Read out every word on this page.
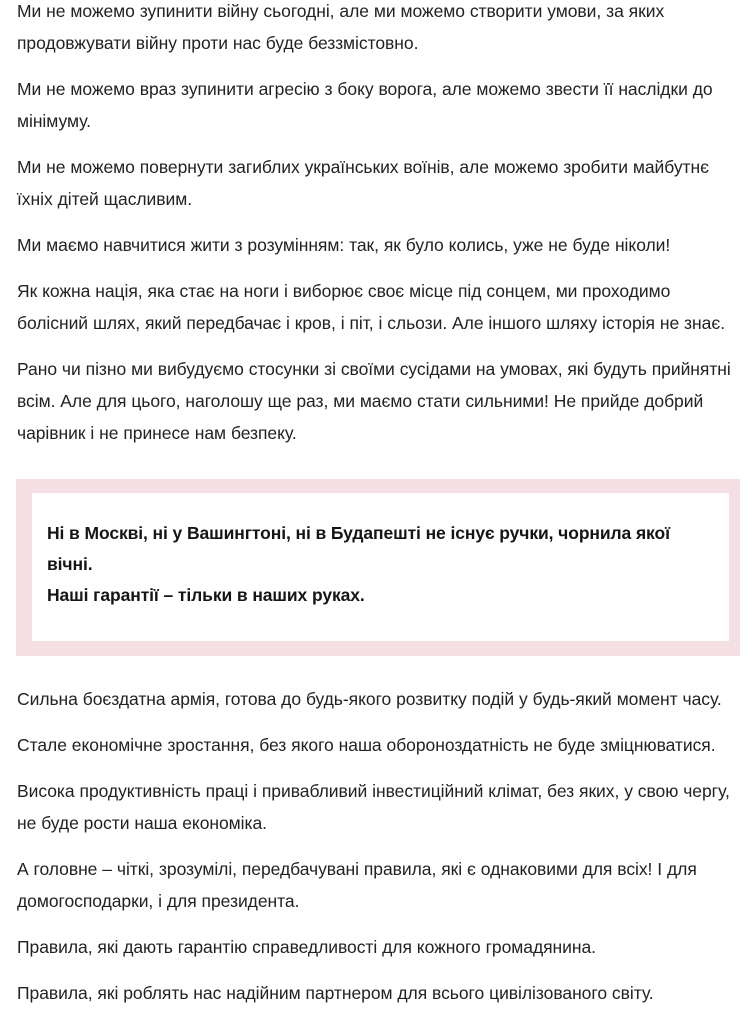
Ми не можемо зупинити війну сьогодні, але ми можемо створити умови, за яких продовжувати війну проти нас буде беззмістовно.

Ми не можемо враз зупинити агресію з боку ворога, але можемо звести її наслідки до мінімуму.

Ми не можемо повернути загиблих українських воїнів, але можемо зробити майбутнє їхніх дітей щасливим.

Ми маємо навчитися жити з розумінням: так, як було колись, уже не буде ніколи!

Як кожна нація, яка стає на ноги і виборює своє місце під сонцем, ми проходимо болісний шлях, який передбачає і кров, і піт, і сльози. Але іншого шляху історія не знає.

Рано чи пізно ми вибудуємо стосунки зі своїми сусідами на умовах, які будуть прийнятні всім. Але для цього, наголошу ще раз, ми маємо стати сильними! Не прийде добрий чарівник і не принесе нам безпеку.

Ні в Москві, ні у Вашингтоні, ні в Будапешті не існує ручки, чорнила якої вічні.
Наші гарантії – тільки в наших руках.

Сильна боєздатна армія, готова до будь-якого розвитку подій у будь-який момент часу.

Стале економічне зростання, без якого наша обороноздатність не буде зміцнюватися.

Висока продуктивність праці і привабливий інвестиційний клімат, без яких, у свою чергу, не буде рости наша економіка.

А головне – чіткі, зрозумілі, передбачувані правила, які є однаковими для всіх! І для домогосподарки, і для президента.

Правила, які дають гарантію справедливості для кожного громадянина.

Правила, які роблять нас надійним партнером для всього цивілізованого світу.
